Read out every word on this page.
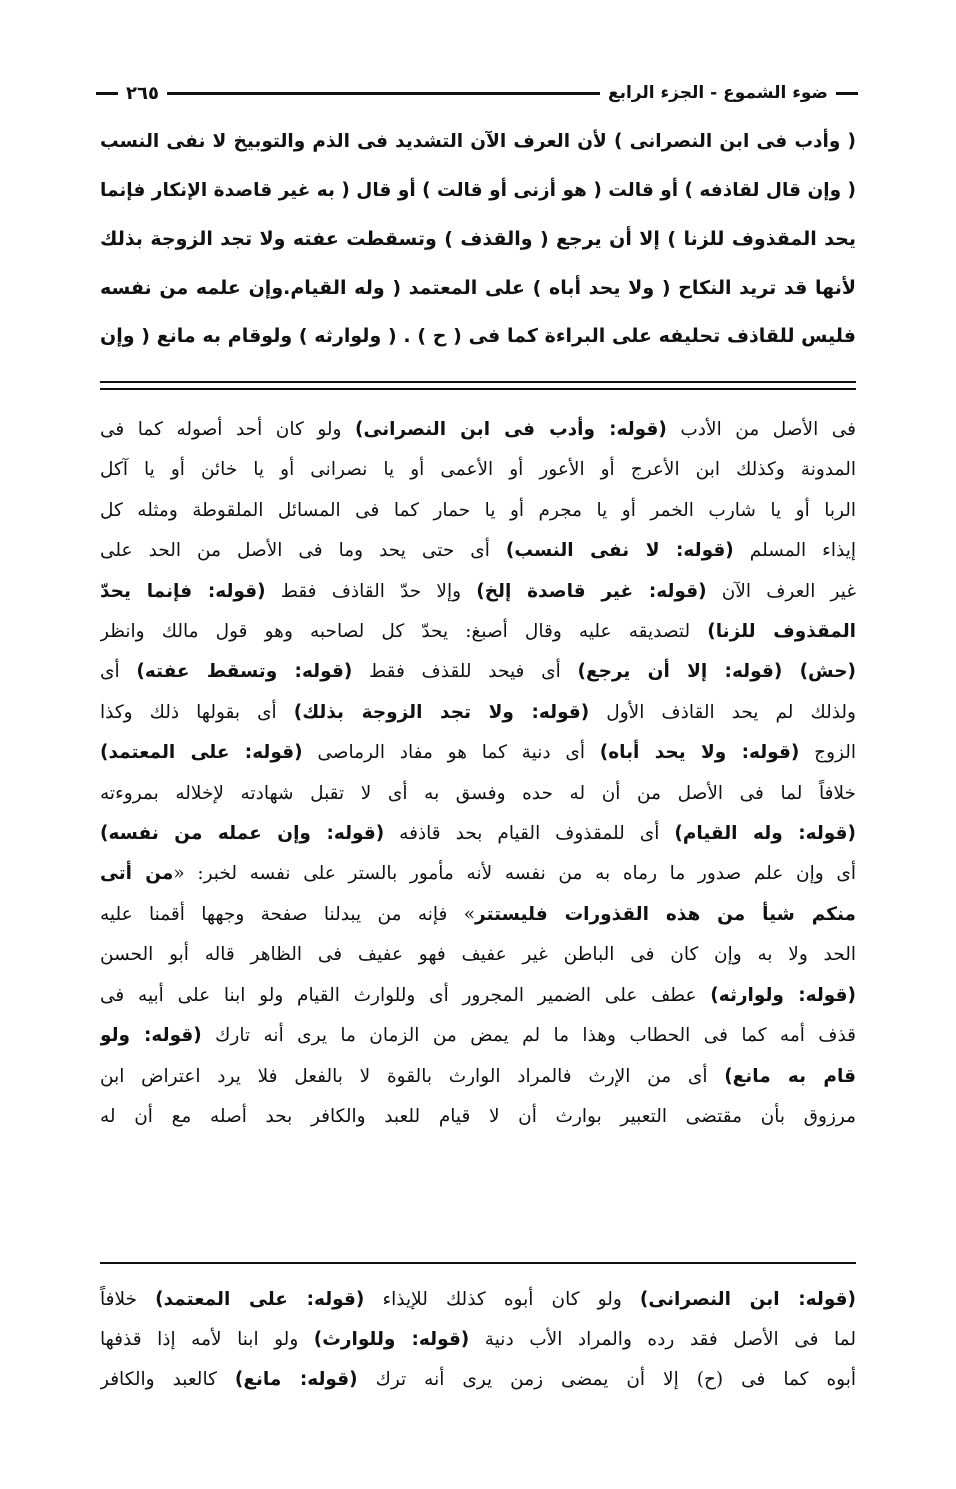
ضوء الشموع - الجزء الرابع
٢٦٥
( وأدب فى ابن النصرانى ) لأن العرف الآن التشديد فى الذم والتوبيخ لا نفى النسب
( وإن قال لقاذفه ) أو قالت ( هو أزنى أو قالت ) أو قال ( به غير قاصدة الإنكار فإنما
يحد المقذوف للزنا ) إلا أن يرجع ( والقذف ) وتسقطت عفته ولا تجد الزوجة بذلك
لأنها قد تريد النكاح ( ولا يحد أباه ) على المعتمد ( وله القيام.وإن علمه من نفسه
فليس للقاذف تحليفه على البراءة كما فى ( ح ) . ( ولوارثه ) ولوقام به مانع ( وإن
فى الأصل من الأدب (قوله: وأدب فى ابن النصرانى) ولو كان أحد أصوله كما فى
المدونة وكذلك ابن الأعرج أو الأعور أو الأعمى أو يا نصرانى أو يا خائن أو يا آكل
الربا أو يا شارب الخمر أو يا مجرم أو يا حمار كما فى المسائل الملقوطة ومثله كل
إيذاء المسلم (قوله: لا نفى النسب) أى حتى يحد وما فى الأصل من الحد على
غير العرف الآن (قوله: غير قاصدة إلخ) وإلا حدّ القاذف فقط (قوله: فإنما يحدّ
المقذوف للزنا) لتصديقه عليه وقال أصبغ: يحدّ كل لصاحبه وهو قول مالك وانظر
(حش) (قوله: إلا أن يرجع) أى فيحد للقذف فقط (قوله: وتسقط عفته) أى
ولذلك لم يحد القاذف الأول (قوله: ولا تجد الزوجة بذلك) أى بقولها ذلك وكذا
الزوج (قوله: ولا يحد أباه) أى دنية كما هو مفاد الرماصى (قوله: على المعتمد)
خلافاً لما فى الأصل من أن له حده وفسق به أى لا تقبل شهادته لإخلاله بمروءته
(قوله: وله القيام) أى للمقذوف القيام بحد قاذفه (قوله: وإن عمله من نفسه)
أى وإن علم صدور ما رماه به من نفسه لأنه مأمور بالستر على نفسه لخبر: «من أتى
منكم شيأ من هذه القذورات فليستتر» فإنه من يبدلنا صفحة وجهها أقمنا عليه
الحد ولا به وإن كان فى الباطن غير عفيف فهو عفيف فى الظاهر قاله أبو الحسن
(قوله: ولوارثه) عطف على الضمير المجرور أى وللوارث القيام ولو ابنا على أبيه فى
قذف أمه كما فى الحطاب وهذا ما لم يمض من الزمان ما يرى أنه تارك (قوله: ولو
قام به مانع) أى من الإرث فالمراد الوارث بالقوة لا بالفعل فلا يرد اعتراض ابن
مرزوق بأن مقتضى التعبير بوارث أن لا قيام للعبد والكافر بحد أصله مع أن له
(قوله: ابن النصرانى) ولو كان أبوه كذلك للإيذاء (قوله: على المعتمد) خلافاً
لما فى الأصل فقد رده والمراد الأب دنية (قوله: وللوارث) ولو ابنا لأمه إذا قذفها
أبوه كما فى (ح) إلا أن يمضى زمن يرى أنه ترك (قوله: مانع) كالعبد والكافر
